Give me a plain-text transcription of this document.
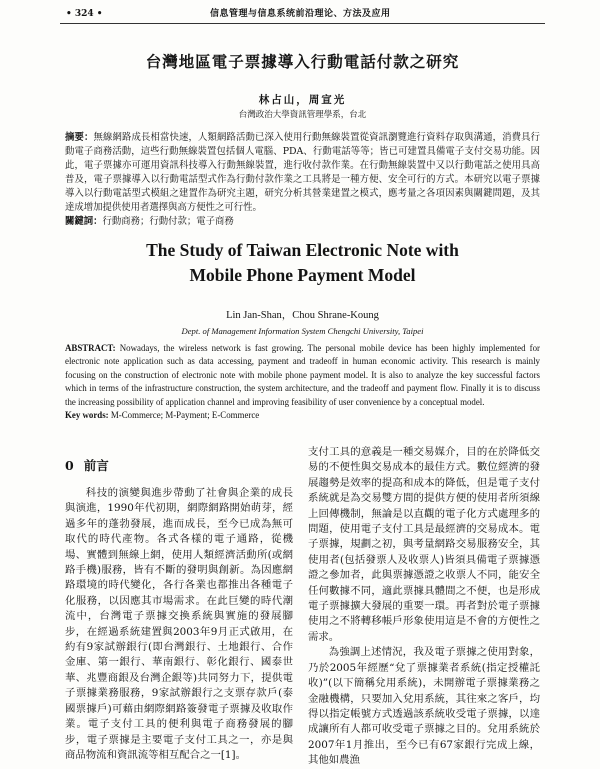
• 324 •	信息管理与信息系统前沿理论、方法及应用
台灣地區電子票據導入行動電話付款之研究
林占山，周宣光
台灣政治大學資訊管理學系，台北
摘要：無線網路成長相當快速，人類網路活動已深入使用行動無線裝置從資訊瀏覽進行資料存取與溝通，消費具行動電子商務活動，這些行動無線裝置包括個人電腦、PDA、行動電話等等；皆已可建置具備電子支付交易功能。因此，電子票據亦可運用資訊科技導入行動無線裝置，進行收付款作業。在行動無線裝置中又以行動電話之使用具高普及，電子票據導入以行動電話型式作為行動付款作業之工具將是一種方便、安全可行的方式。本研究以電子票據導入以行動電話型式模組之建置作為研究主題，研究分析其營業建置之模式，應考量之各項因素與關鍵問題，及其達成增加提供使用者選擇與高方便性之可行性。
關鍵詞：行動商務；行動付款；電子商務
The Study of Taiwan Electronic Note with
Mobile Phone Payment Model
Lin Jan-Shan，Chou Shrane-Koung
Dept. of Management Information System Chengchi University, Taipei
ABSTRACT: Nowadays, the wireless network is fast growing. The personal mobile device has been highly implemented for electronic note application such as data accessing, payment and tradeoff in human economic activity. This research is mainly focusing on the construction of electronic note with mobile phone payment model. It is also to analyze the key successful factors which in terms of the infrastructure construction, the system architecture, and the tradeoff and payment flow. Finally it is to discuss the increasing possibility of application channel and improving feasibility of user convenience by a conceptual model.
Key words: M-Commerce; M-Payment; E-Commerce
0 前言

科技的演變與進步帶動了社會與企業的成長與演進，1990年代初期，網際網路開始萌芽，經過多年的蓬勃發展，進而成長，至今已成為無可取代的時代產物。各式各樣的電子通路，從機場、實體到無線上網，使用人類經濟活動所(或網路手機)服務，皆有不斷的發明與創新。為因應網路環境的時代變化，各行各業也都推出各種電子化服務，以因應其市場需求。在此巨變的時代潮流中，台灣電子票據交換系統與實施的發展腳步，在經過系統建置與2003年9月正式啟用，在約有9家試辦銀行(即台灣銀行、土地銀行、合作金庫、第一銀行、華南銀行、彰化銀行、國泰世華、兆豐商銀及台灣企銀等)共同努力下，提供電子票據業務服務，9家試辦銀行之支票存款戶(泰國票據戶)可藉由網際網路簽發電子票據及收取作業。電子支付工具的便利與電子商務發展的腳步，電子票據是主要電子支付工具之一，亦是與商品物流和資訊流等相互配合之一[1]。

支付工具的意義是一種交易媒介，目的在於降低交易的不便性與交易成本的最佳方式。數位經濟的發展趨勢是效率的提高和成本的降低，但是電子支付系統就是為交易雙方間的提供方便的使用者所須線上回傳機制，無論是以直觀的電子化方式處理多的問題，使用電子支付工具是最經濟的交易成本。電子票據，規劃之初，與考量網路交易服務安全，其使用者(包括發票人及收票人)皆須具備電子票據憑證之參加者，此與票據憑證之收票人不同，能安全任何數據不同，適此票據具體間之不便，也是形成電子票據擴大發展的重要一環。再者對於電子票據使用之不將轉移帳戶形象使用這是不會的方便性之需求。

為強調上述情況，我及電子票據之使用對象，乃於2005年經歷“兌了票據業者系統(指定授權託收)”(以下簡稱兌用系統)，未開辦電子票據業務之金融機構，只要加入兌用系統，其往來之客戶，均得以指定帳號方式透過該系統收受電子票據，以達成讓所有人都可收受電子票據之目的。兌用系統於2007年1月推出，至今已有67家銀行完成上線，其他如農漁
